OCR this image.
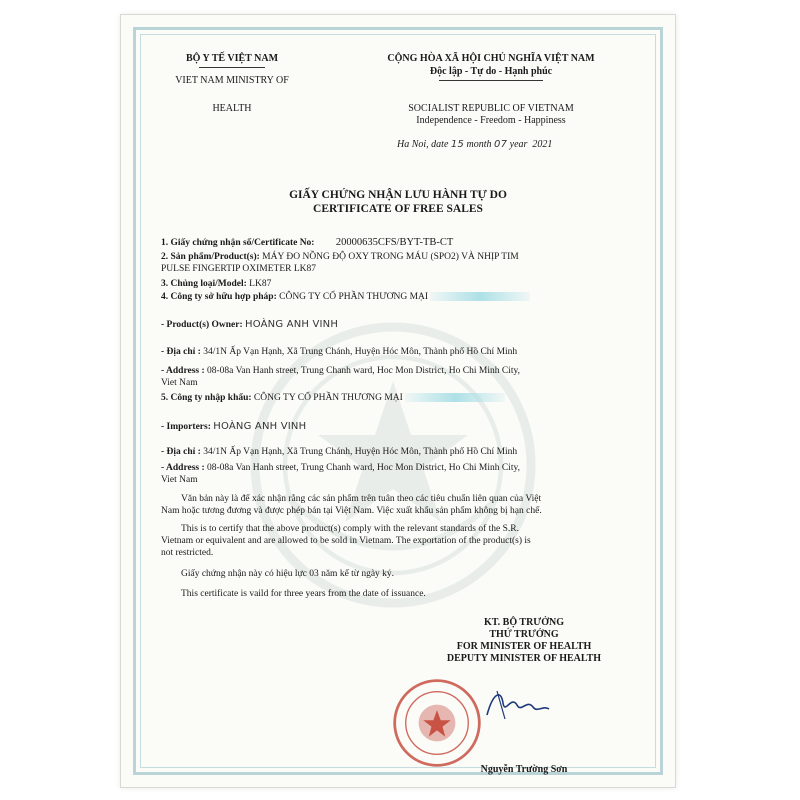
BỘ Y TẾ VIỆT NAM
VIET NAM MINISTRY OF
HEALTH
CỘNG HÒA XÃ HỘI CHỦ NGHĨA VIỆT NAM
Độc lập - Tự do - Hạnh phúc
SOCIALIST REPUBLIC OF VIETNAM
Independence - Freedom - Happiness
Ha Noi, date 15 month 07 year 2021
GIẤY CHỨNG NHẬN LƯU HÀNH TỰ DO
CERTIFICATE OF FREE SALES
1. Giấy chứng nhận số/Certificate No: 20000635CFS/BYT-TB-CT
2. Sản phẩm/Product(s): MÁY ĐO NỒNG ĐỘ OXY TRONG MÁU (SPO2) VÀ NHỊP TIM
PULSE FINGERTIP OXIMETER LK87
3. Chủng loại/Model: LK87
4. Công ty sở hữu hợp pháp: CÔNG TY CỔ PHẦN THƯƠNG MẠI
- Product(s) Owner: HOÀNG ANH VINH
- Địa chỉ : 34/1N Ấp Vạn Hạnh, Xã Trung Chánh, Huyện Hóc Môn, Thành phố Hồ Chí Minh
- Address : 08-08a Van Hanh street, Trung Chanh ward, Hoc Mon District, Ho Chi Minh City,
Viet Nam
5. Công ty nhập khẩu: CÔNG TY CỔ PHẦN THƯƠNG MẠI
- Importers: HOÀNG ANH VINH
- Địa chỉ : 34/1N Ấp Vạn Hạnh, Xã Trung Chánh, Huyện Hóc Môn, Thành phố Hồ Chí Minh
- Address : 08-08a Van Hanh street, Trung Chanh ward, Hoc Mon District, Ho Chi Minh City,
Viet Nam
Văn bản này là để xác nhận rằng các sản phẩm trên tuân theo các tiêu chuẩn liên quan của Việt
Nam hoặc tương đương và được phép bán tại Việt Nam. Việc xuất khẩu sản phẩm không bị hạn chế.
This is to certify that the above product(s) comply with the relevant standards of the S.R.
Vietnam or equivalent and are allowed to be sold in Vietnam. The exportation of the product(s) is
not restricted.
Giấy chứng nhận này có hiệu lực 03 năm kể từ ngày ký.
This certificate is vaild for three years from the date of issuance.
KT. BỘ TRƯỞNG
THỨ TRƯỞNG
FOR MINISTER OF HEALTH
DEPUTY MINISTER OF HEALTH
Nguyễn Trường Sơn
